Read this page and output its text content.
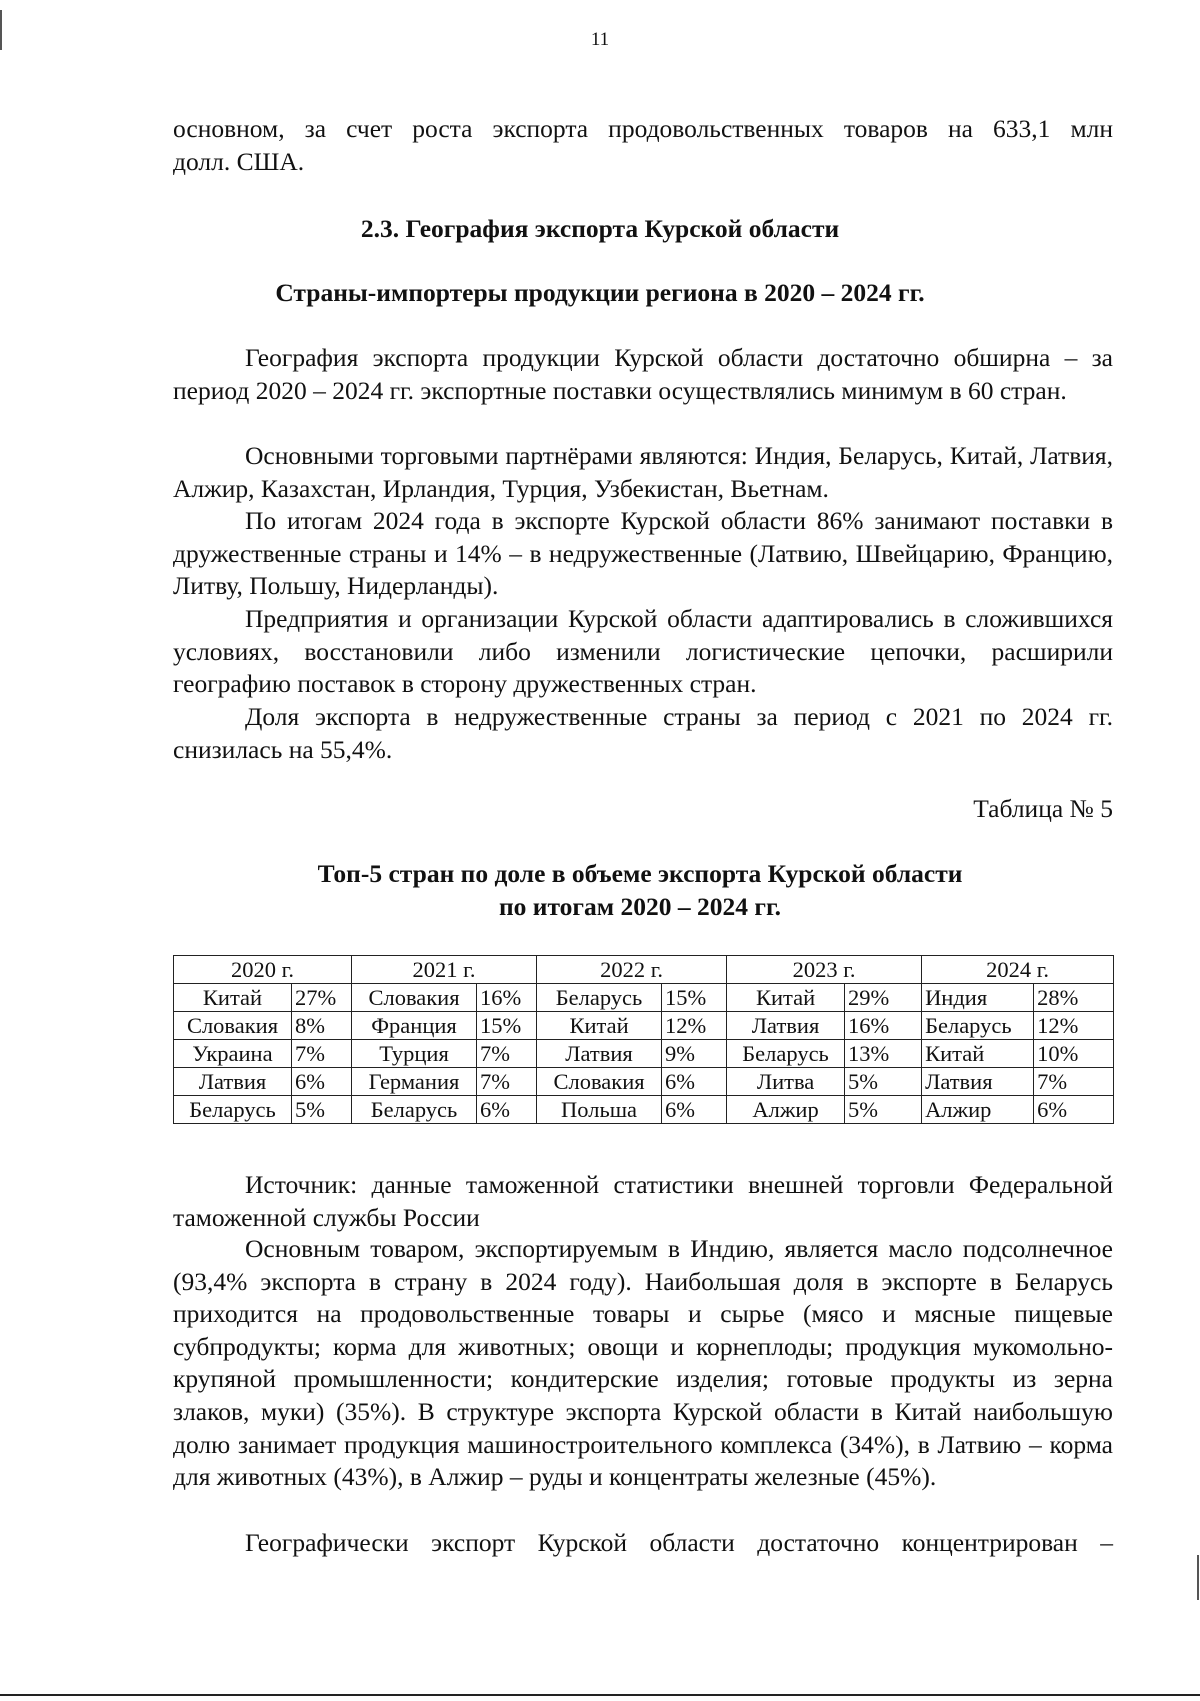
11

основном, за счет роста экспорта продовольственных товаров на 633,1 млн

долл. США.

2.3. География экспорта Курской области
Страны-импортеры продукции региона в 2020 – 2024 гг.

География экспорта продукции Курской области достаточно обширна – за период 2020 – 2024 гг. экспортные поставки осуществлялись минимум в 60 стран.

Основными торговыми партнёрами являются: Индия, Беларусь, Китай, Латвия, Алжир, Казахстан, Ирландия, Турция, Узбекистан, Вьетнам.

По итогам 2024 года в экспорте Курской области 86% занимают поставки в дружественные страны и 14% – в недружественные (Латвию, Швейцарию, Францию, Литву, Польшу, Нидерланды).

Предприятия и организации Курской области адаптировались в сложившихся условиях, восстановили либо изменили логистические цепочки, расширили географию поставок в сторону дружественных стран.

Доля экспорта в недружественные страны за период с 2021 по 2024 гг. снизилась на 55,4%.

Таблица № 5

Топ-5 стран по доле в объеме экспорта Курской области
по итогам 2020 – 2024 гг.
2020 г.		2021 г.		2022 г.		2023 г.		2024 г.	
Китай	27%	Словакия	16%	Беларусь	15%	Китай	29%	Индия	28%
Словакия	8%	Франция	15%	Китай	12%	Латвия	16%	Беларусь	12%
Украина	7%	Турция	7%	Латвия	9%	Беларусь	13%	Китай	10%
Латвия	6%	Германия	7%	Словакия	6%	Литва	5%	Латвия	7%
Беларусь	5%	Беларусь	6%	Польша	6%	Алжир	5%	Алжир	6%

Источник: данные таможенной статистики внешней торговли Федеральной таможенной службы России

Основным товаром, экспортируемым в Индию, является масло подсолнечное (93,4% экспорта в страну в 2024 году). Наибольшая доля в экспорте в Беларусь приходится на продовольственные товары и сырье (мясо и мясные пищевые субпродукты; корма для животных; овощи и корнеплоды; продукция мукомольно-крупяной промышленности; кондитерские изделия; готовые продукты из зерна злаков, муки) (35%). В структуре экспорта Курской области в Китай наибольшую долю занимает продукция машиностроительного комплекса (34%), в Латвию – корма для животных (43%), в Алжир – руды и концентраты железные (45%).

Географически экспорт Курской области достаточно концентрирован –
